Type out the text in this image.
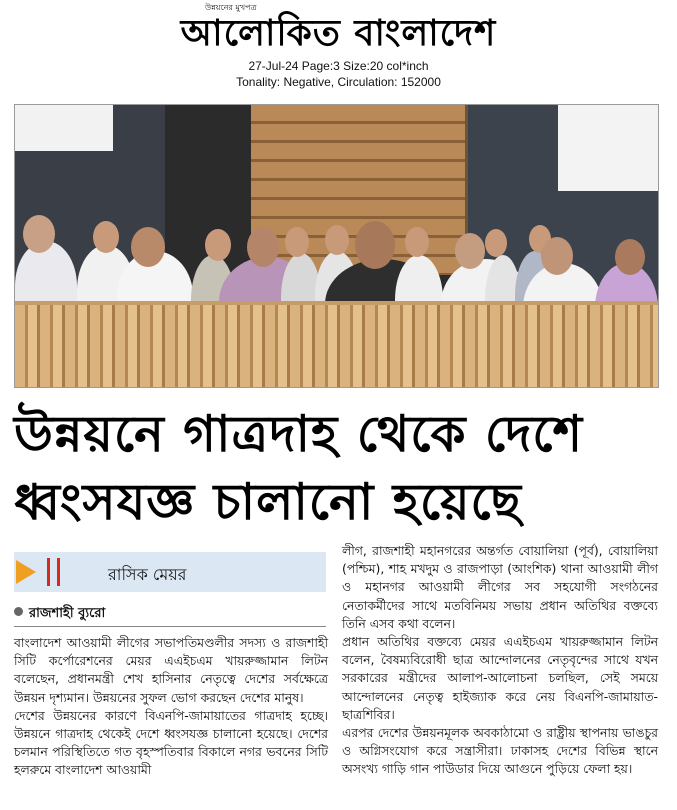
উন্নয়নের মুখপত্র
আলোকিত বাংলাদেশ
27-Jul-24 Page:3 Size:20 col*inch
Tonality: Negative, Circulation: 152000
উন্নয়নে গাত্রদাহ থেকে দেশে
ধ্বংসযজ্ঞ চালানো হয়েছে
রাসিক মেয়র
রাজশাহী ব্যুরো

বাংলাদেশ আওয়ামী লীগের সভাপতিমণ্ডলীর সদস্য ও রাজশাহী সিটি কর্পোরেশনের মেয়র এএইচএম খায়রুজ্জামান লিটন বলেছেন, প্রধানমন্ত্রী শেখ হাসিনার নেতৃত্বে দেশের সর্বক্ষেত্রে উন্নয়ন দৃশ্যমান। উন্নয়নের সুফল ভোগ করছেন দেশের মানুষ।

দেশের উন্নয়নের কারণে বিএনপি-জামায়াতের গাত্রদাহ হচ্ছে। উন্নয়নে গাত্রদাহ থেকেই দেশে ধ্বংসযজ্ঞ চালানো হয়েছে। দেশের চলমান পরিস্থিতিতে গত বৃহস্পতিবার বিকালে নগর ভবনের সিটি হলরুমে বাংলাদেশ আওয়ামী

লীগ, রাজশাহী মহানগরের অন্তর্গত বোয়ালিয়া (পূর্ব), বোয়ালিয়া (পশ্চিম), শাহ মখদুম ও রাজপাড়া (আংশিক) থানা আওয়ামী লীগ ও মহানগর আওয়ামী লীগের সব সহযোগী সংগঠনের নেতাকর্মীদের সাথে মতবিনিময় সভায় প্রধান অতিথির বক্তব্যে তিনি এসব কথা বলেন।

প্রধান অতিথির বক্তব্যে মেয়র এএইচএম খায়রুজ্জামান লিটন বলেন, বৈষম্যবিরোধী ছাত্র আন্দোলনের নেতৃবৃন্দের সাথে যখন সরকারের মন্ত্রীদের আলাপ-আলোচনা চলছিল, সেই সময়ে আন্দোলনের নেতৃত্ব হাইজ্যাক করে নেয় বিএনপি-জামায়াত-ছাত্রশিবির।

এরপর দেশের উন্নয়নমূলক অবকাঠামো ও রাষ্ট্রীয় স্থাপনায় ভাঙচুর ও অগ্নিসংযোগ করে সন্ত্রাসীরা। ঢাকাসহ দেশের বিভিন্ন স্থানে অসংখ্য গাড়ি গান পাউডার দিয়ে আগুনে পুড়িয়ে ফেলা হয়।
